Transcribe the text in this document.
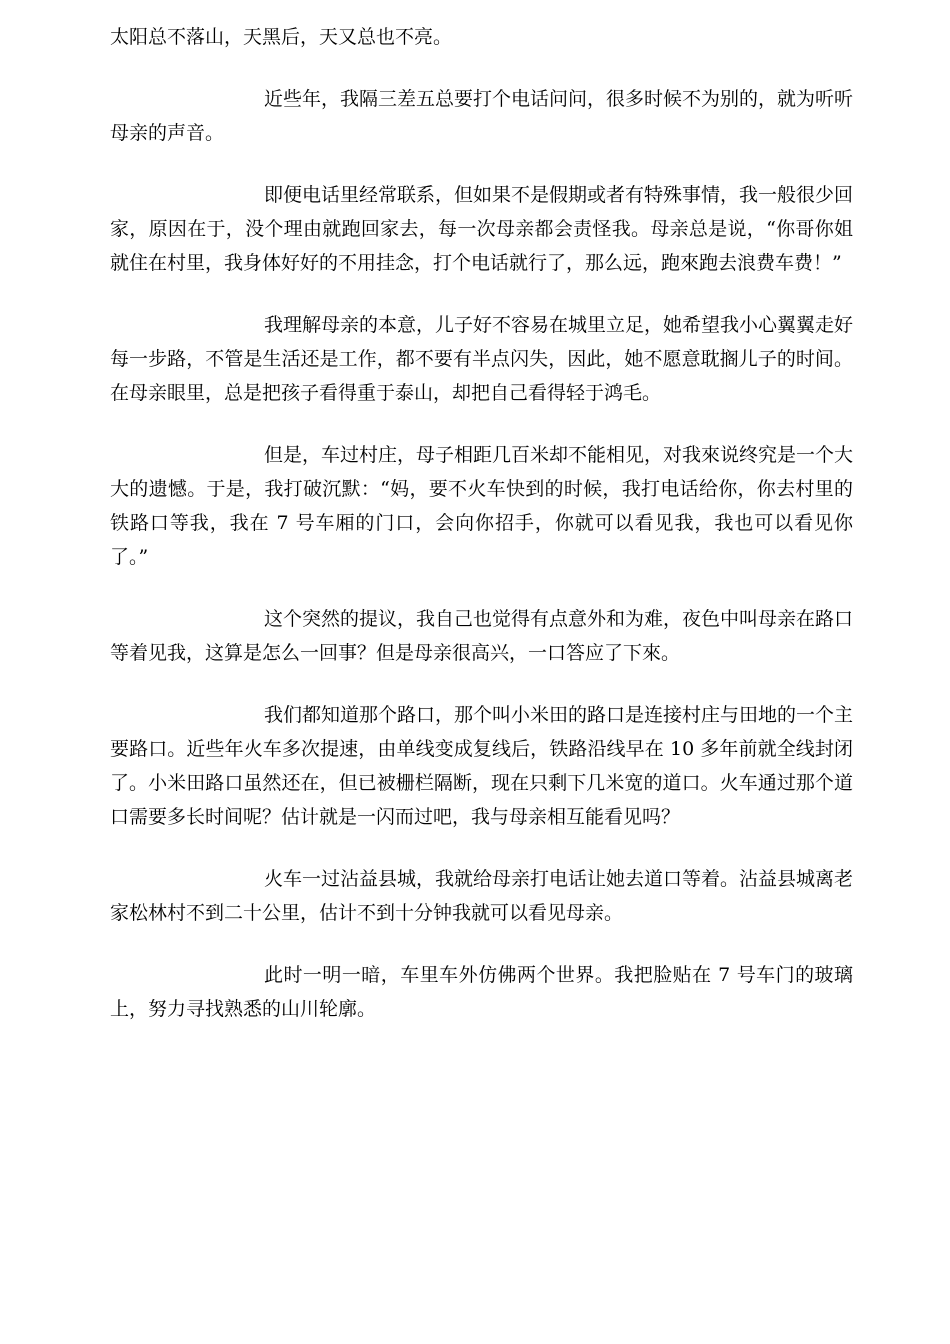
太阳总不落山，天黑后，天又总也不亮。

近些年，我隔三差五总要打个电话问问，很多时候不为别的，就为听听母亲的声音。

即便电话里经常联系，但如果不是假期或者有特殊事情，我一般很少回家，原因在于，没个理由就跑回家去，每一次母亲都会责怪我。母亲总是说，“你哥你姐就住在村里，我身体好好的不用挂念，打个电话就行了，那么远，跑來跑去浪费车费！”

我理解母亲的本意，儿子好不容易在城里立足，她希望我小心翼翼走好每一步路，不管是生活还是工作，都不要有半点闪失，因此，她不愿意耽搁儿子的时间。在母亲眼里，总是把孩子看得重于泰山，却把自己看得轻于鸿毛。

但是，车过村庄，母子相距几百米却不能相见，对我來说终究是一个大大的遗憾。于是，我打破沉默：“妈，要不火车快到的时候，我打电话给你，你去村里的铁路口等我，我在 7 号车厢的门口，会向你招手，你就可以看见我，我也可以看见你了。”

这个突然的提议，我自己也觉得有点意外和为难，夜色中叫母亲在路口等着见我，这算是怎么一回事？但是母亲很高兴，一口答应了下來。

我们都知道那个路口，那个叫小米田的路口是连接村庄与田地的一个主要路口。近些年火车多次提速，由单线变成复线后，铁路沿线早在 10 多年前就全线封闭了。小米田路口虽然还在，但已被栅栏隔断，现在只剩下几米宽的道口。火车通过那个道口需要多长时间呢？估计就是一闪而过吧，我与母亲相互能看见吗？

火车一过沾益县城，我就给母亲打电话让她去道口等着。沾益县城离老家松林村不到二十公里，估计不到十分钟我就可以看见母亲。

此时一明一暗，车里车外仿佛两个世界。我把脸贴在 7 号车门的玻璃上，努力寻找熟悉的山川轮廓。
